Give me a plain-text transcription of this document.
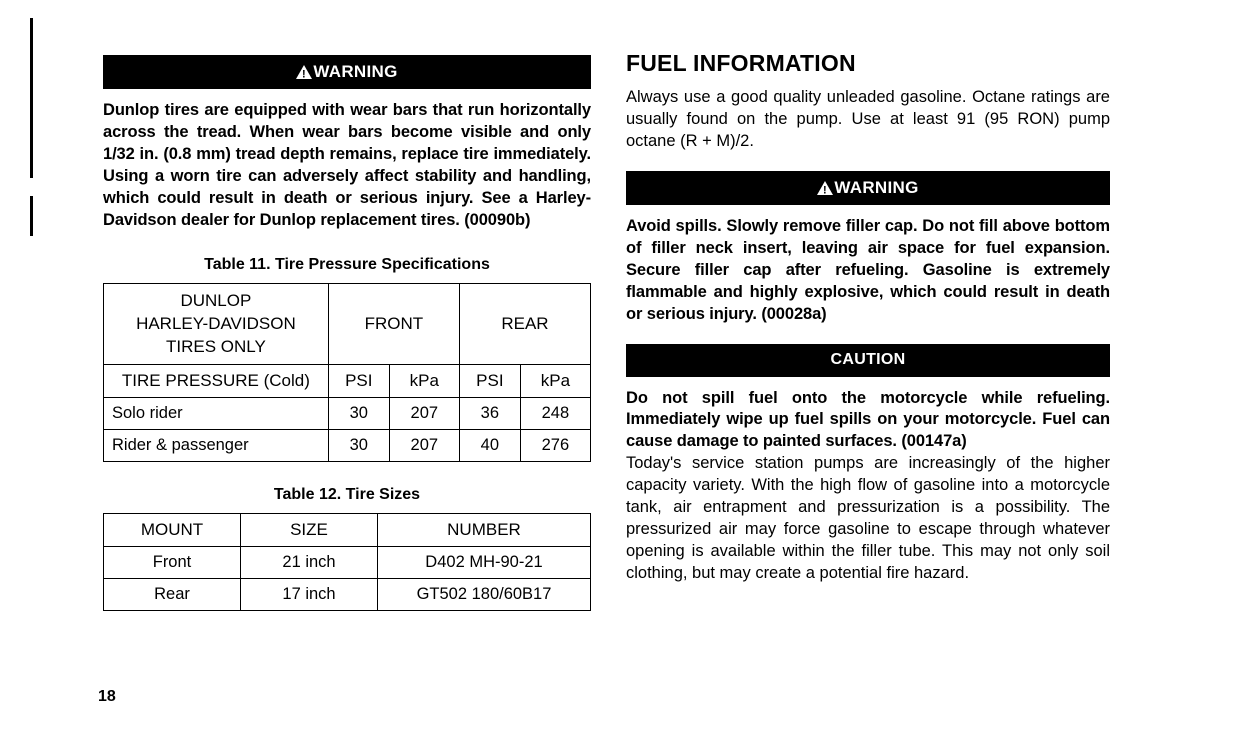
! WARNING
Dunlop tires are equipped with wear bars that run horizontally across the tread. When wear bars become visible and only 1/32 in. (0.8 mm) tread depth remains, replace tire immediately. Using a worn tire can adversely affect stability and handling, which could result in death or serious injury. See a Harley-Davidson dealer for Dunlop replacement tires. (00090b)
Table 11. Tire Pressure Specifications
DUNLOP
HARLEY-DAVIDSON
TIRES ONLY	FRONT		REAR	
TIRE PRESSURE (Cold)	PSI	kPa	PSI	kPa
Solo rider	30	207	36	248
Rider & passenger	30	207	40	276
Table 12. Tire Sizes
MOUNT	SIZE	NUMBER
Front	21 inch	D402 MH-90-21
Rear	17 inch	GT502 180/60B17
FUEL INFORMATION

Always use a good quality unleaded gasoline. Octane ratings are usually found on the pump. Use at least 91 (95 RON) pump octane (R + M)/2.

! WARNING
Avoid spills. Slowly remove filler cap. Do not fill above bottom of filler neck insert, leaving air space for fuel expansion. Secure filler cap after refueling. Gasoline is extremely flammable and highly explosive, which could result in death or serious injury. (00028a)
CAUTION
Do not spill fuel onto the motorcycle while refueling. Immediately wipe up fuel spills on your motorcycle. Fuel can cause damage to painted surfaces. (00147a)

Today's service station pumps are increasingly of the higher capacity variety. With the high flow of gasoline into a motorcycle tank, air entrapment and pressurization is a possibility. The pressurized air may force gasoline to escape through whatever opening is available within the filler tube. This may not only soil clothing, but may create a potential fire hazard.

18
